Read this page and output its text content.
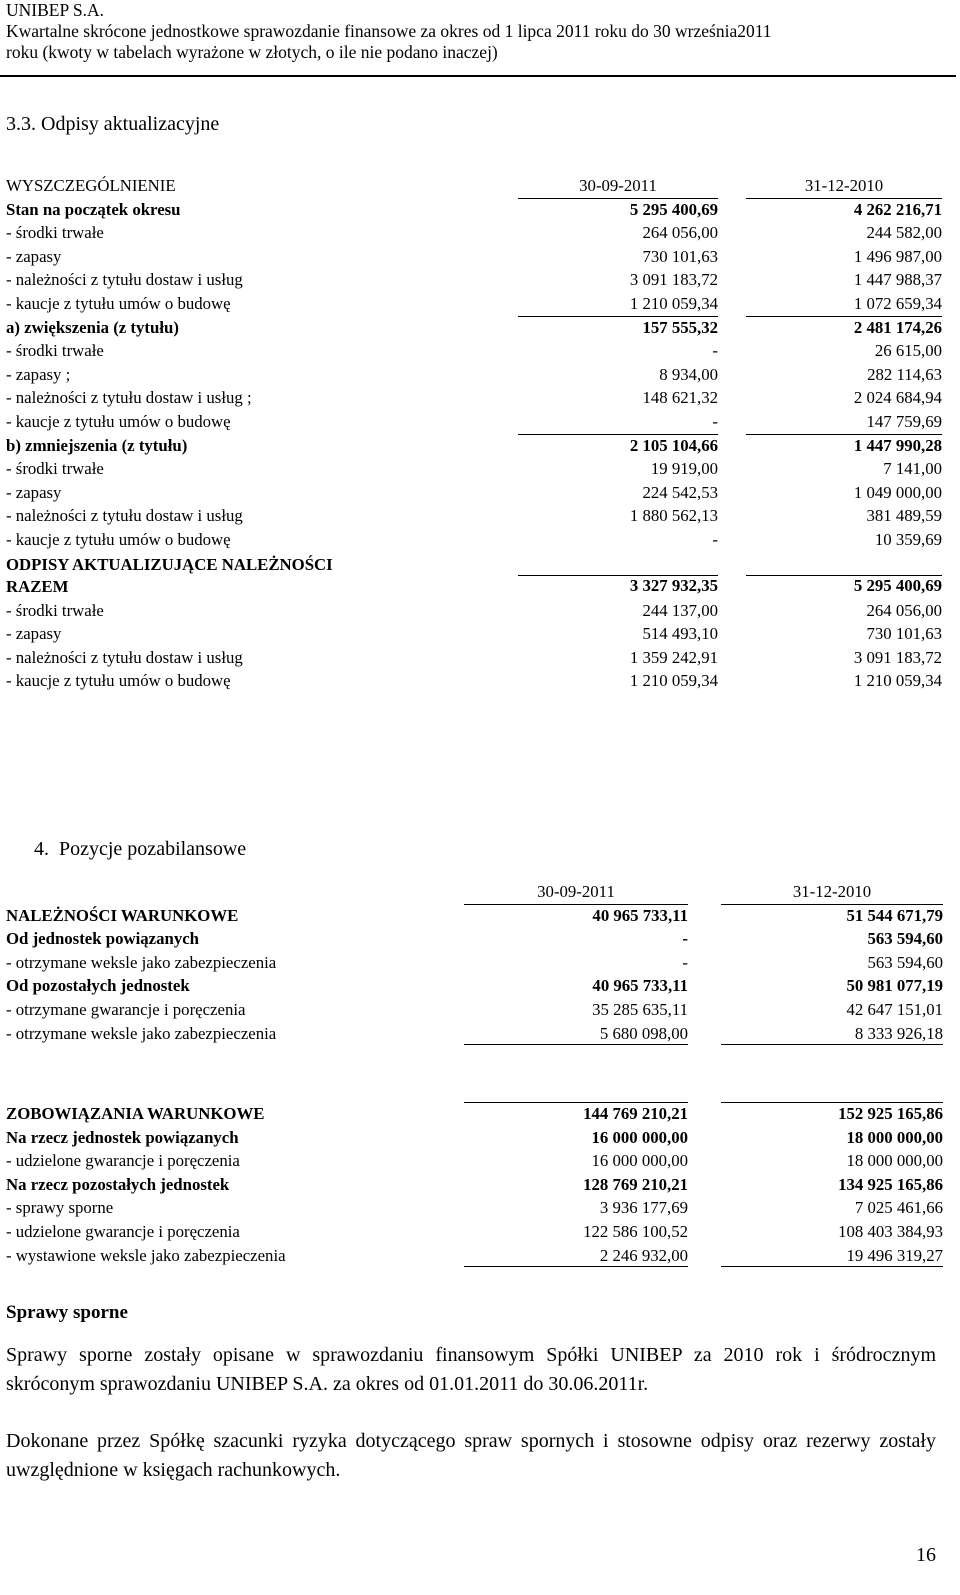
UNIBEP S.A.
Kwartalne skrócone jednostkowe sprawozdanie finansowe za okres od 1 lipca 2011 roku do 30 września2011
roku (kwoty w tabelach wyrażone w złotych, o ile nie podano inaczej)
3.3. Odpisy aktualizacyjne
WYSZCZEGÓLNIENIE	30-09-2011	31-12-2010
Stan na początek okresu	5 295 400,69	4 262 216,71
- środki trwałe	264 056,00	244 582,00
- zapasy	730 101,63	1 496 987,00
- należności z tytułu dostaw i usług	3 091 183,72	1 447 988,37
- kaucje z tytułu umów o budowę	1 210 059,34	1 072 659,34
a) zwiększenia (z tytułu)	157 555,32	2 481 174,26
- środki trwałe	-	26 615,00
- zapasy ;	8 934,00	282 114,63
- należności z tytułu dostaw i usług ;	148 621,32	2 024 684,94
- kaucje z tytułu umów o budowę	-	147 759,69
b) zmniejszenia (z tytułu)	2 105 104,66	1 447 990,28
- środki trwałe	19 919,00	7 141,00
- zapasy	224 542,53	1 049 000,00
- należności z tytułu dostaw i usług	1 880 562,13	381 489,59
- kaucje z tytułu umów o budowę	-	10 359,69
ODPISY AKTUALIZUJĄCE NALEŻNOŚCI
RAZEM	3 327 932,35	5 295 400,69
- środki trwałe	244 137,00	264 056,00
- zapasy	514 493,10	730 101,63
- należności z tytułu dostaw i usług	1 359 242,91	3 091 183,72
- kaucje z tytułu umów o budowę	1 210 059,34	1 210 059,34
4. Pozycje pozabilansowe
30-09-2011	31-12-2010
NALEŻNOŚCI WARUNKOWE	40 965 733,11	51 544 671,79
Od jednostek powiązanych	-	563 594,60
- otrzymane weksle jako zabezpieczenia	-	563 594,60
Od pozostałych jednostek	40 965 733,11	50 981 077,19
- otrzymane gwarancje i poręczenia	35 285 635,11	42 647 151,01
- otrzymane weksle jako zabezpieczenia	5 680 098,00	8 333 926,18
ZOBOWIĄZANIA WARUNKOWE	144 769 210,21	152 925 165,86
Na rzecz jednostek powiązanych	16 000 000,00	18 000 000,00
- udzielone gwarancje i poręczenia	16 000 000,00	18 000 000,00
Na rzecz pozostałych jednostek	128 769 210,21	134 925 165,86
- sprawy sporne	3 936 177,69	7 025 461,66
- udzielone gwarancje i poręczenia	122 586 100,52	108 403 384,93
- wystawione weksle jako zabezpieczenia	2 246 932,00	19 496 319,27
Sprawy sporne
Sprawy sporne zostały opisane w sprawozdaniu finansowym Spółki UNIBEP za 2010 rok i śródrocznym skróconym sprawozdaniu UNIBEP S.A. za okres od 01.01.2011 do 30.06.2011r.
Dokonane przez Spółkę szacunki ryzyka dotyczącego spraw spornych i stosowne odpisy oraz rezerwy zostały uwzględnione w księgach rachunkowych.
16
